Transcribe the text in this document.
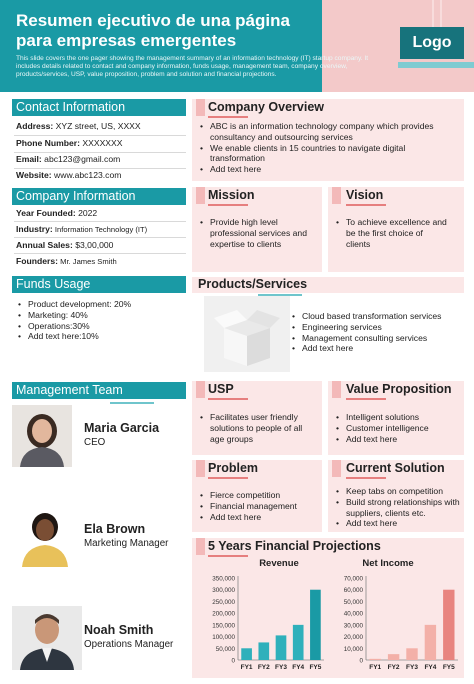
Resumen ejecutivo de una página
para empresas emergentes
This slide covers the one pager showing the management summary of an information technology (IT) startup company. It includes details related to contact and company information, funds usage, management team, company overview, products/services, USP, value proposition, problem and solution and financial projections.
Logo
Contact Information
Address: XYZ street, US, XXXX
Phone Number: XXXXXXX
Email: abc123@gmail.com
Website: www.abc123.com
Company Information
Year Founded: 2022
Industry: Information Technology (IT)
Annual Sales: $3,00,000
Founders: Mr. James Smith
Funds Usage
• Product development: 20%
• Marketing: 40%
• Operations:30%
• Add text here:10%
Management Team
Maria Garcia
CEO
Ela Brown
Marketing Manager
Noah Smith
Operations Manager
Company Overview
• ABC is an information technology company which provides consultancy and outsourcing services
• We enable clients in 15 countries to navigate digital transformation
• Add text here
Mission
• Provide high level professional services and expertise to clients
Vision
• To achieve excellence and be the first choice of clients
Products/Services
• Cloud based transformation services
• Engineering services
• Management consulting services
• Add text here
USP
• Facilitates user friendly solutions to people of all age groups
Value Proposition
• Intelligent solutions
• Customer intelligence
• Add text here
Problem
• Fierce competition
• Financial management
• Add text here
Current Solution
• Keep tabs on competition
• Build strong relationships with suppliers, clients etc.
• Add text here
5 Years Financial Projections
Revenue	Net Income
0
50,000
100,000
150,000
200,000
250,000
300,000
350,000
FY1 FY2 FY3 FY4 FY5
0
10,000
20,000
30,000
40,000
50,000
60,000
70,000
FY1 FY2 FY3 FY4 FY5
